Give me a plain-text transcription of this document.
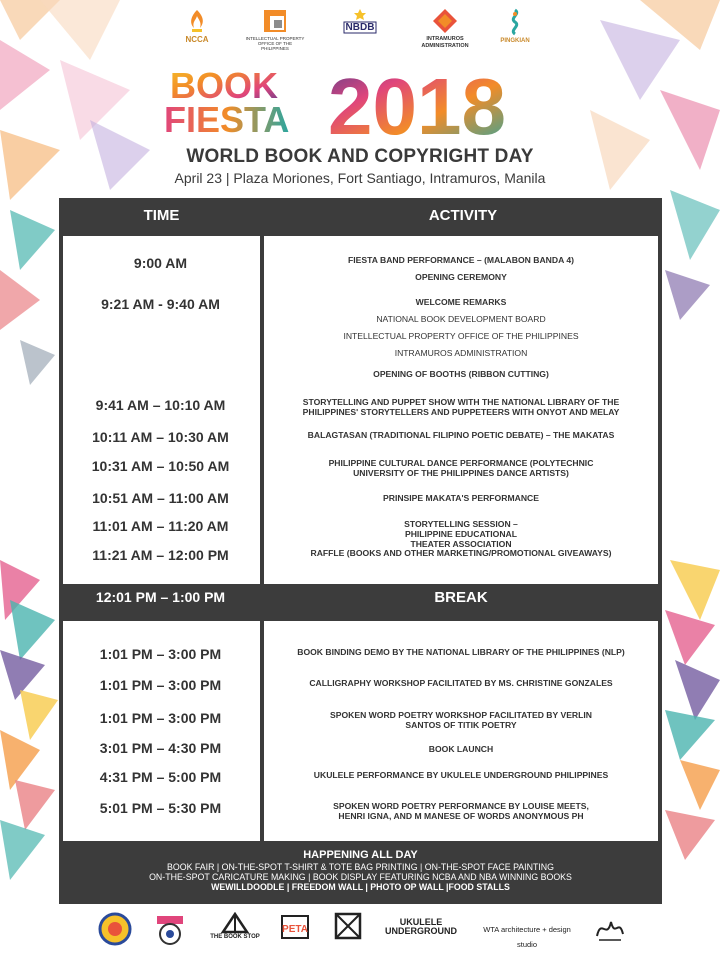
NCCA	INTELLECTUAL PROPERTY OFFICE OF THE PHILIPPINES
NBDB
INTRAMUROS ADMINISTRATION
PINGKIAN
BOOK
FIESTA 2018
WORLD BOOK AND COPYRIGHT DAY
April 23 | Plaza Moriones, Fort Santiago, Intramuros, Manila
TIME	ACTIVITY
9:00 AM	FIESTA BAND PERFORMANCE – (MALABON BANDA 4)
OPENING CEREMONY
9:21 AM - 9:40 AM	WELCOME REMARKS
NATIONAL BOOK DEVELOPMENT BOARD
INTELLECTUAL PROPERTY OFFICE OF THE PHILIPPINES
INTRAMUROS ADMINISTRATION
OPENING OF BOOTHS (RIBBON CUTTING)
9:41 AM – 10:10 AM	STORYTELLING AND PUPPET SHOW WITH THE NATIONAL LIBRARY OF THE PHILIPPINES' STORYTELLERS AND PUPPETEERS WITH ONYOT AND MELAY
10:11 AM – 10:30 AM	BALAGTASAN (TRADITIONAL FILIPINO POETIC DEBATE) – THE MAKATAS
10:31 AM – 10:50 AM	PHILIPPINE CULTURAL DANCE PERFORMANCE (POLYTECHNIC UNIVERSITY OF THE PHILIPPINES DANCE ARTISTS)
10:51 AM – 11:00 AM	PRINSIPE MAKATA'S PERFORMANCE
11:01 AM – 11:20 AM	STORYTELLING SESSION – PHILIPPINE EDUCATIONAL THEATER ASSOCIATION
11:21 AM – 12:00 PM	RAFFLE (BOOKS AND OTHER MARKETING/PROMOTIONAL GIVEAWAYS)
12:01 PM – 1:00 PM	BREAK
1:01 PM – 3:00 PM	BOOK BINDING DEMO BY THE NATIONAL LIBRARY OF THE PHILIPPINES (NLP)
1:01 PM – 3:00 PM	CALLIGRAPHY WORKSHOP FACILITATED BY MS. CHRISTINE GONZALES
1:01 PM – 3:00 PM	SPOKEN WORD POETRY WORKSHOP FACILITATED BY VERLIN SANTOS OF TITIK POETRY
3:01 PM – 4:30 PM	BOOK LAUNCH
4:31 PM – 5:00 PM	UKULELE PERFORMANCE BY UKULELE UNDERGROUND PHILIPPINES
5:01 PM – 5:30 PM	SPOKEN WORD POETRY PERFORMANCE BY LOUISE MEETS, HENRI IGNA, AND M MANESE OF WORDS ANONYMOUS PH
HAPPENING ALL DAY
BOOK FAIR | ON-THE-SPOT T-SHIRT & TOTE BAG PRINTING | ON-THE-SPOT FACE PAINTING
ON-THE-SPOT CARICATURE MAKING | BOOK DISPLAY FEATURING NCBA AND NBA WINNING BOOKS
WEWILLDOODLE | FREEDOM WALL | PHOTO OP WALL |FOOD STALLS
THE BOOK STOP
PETA
UKULELE UNDERGROUND	WTA architecture + design studio
